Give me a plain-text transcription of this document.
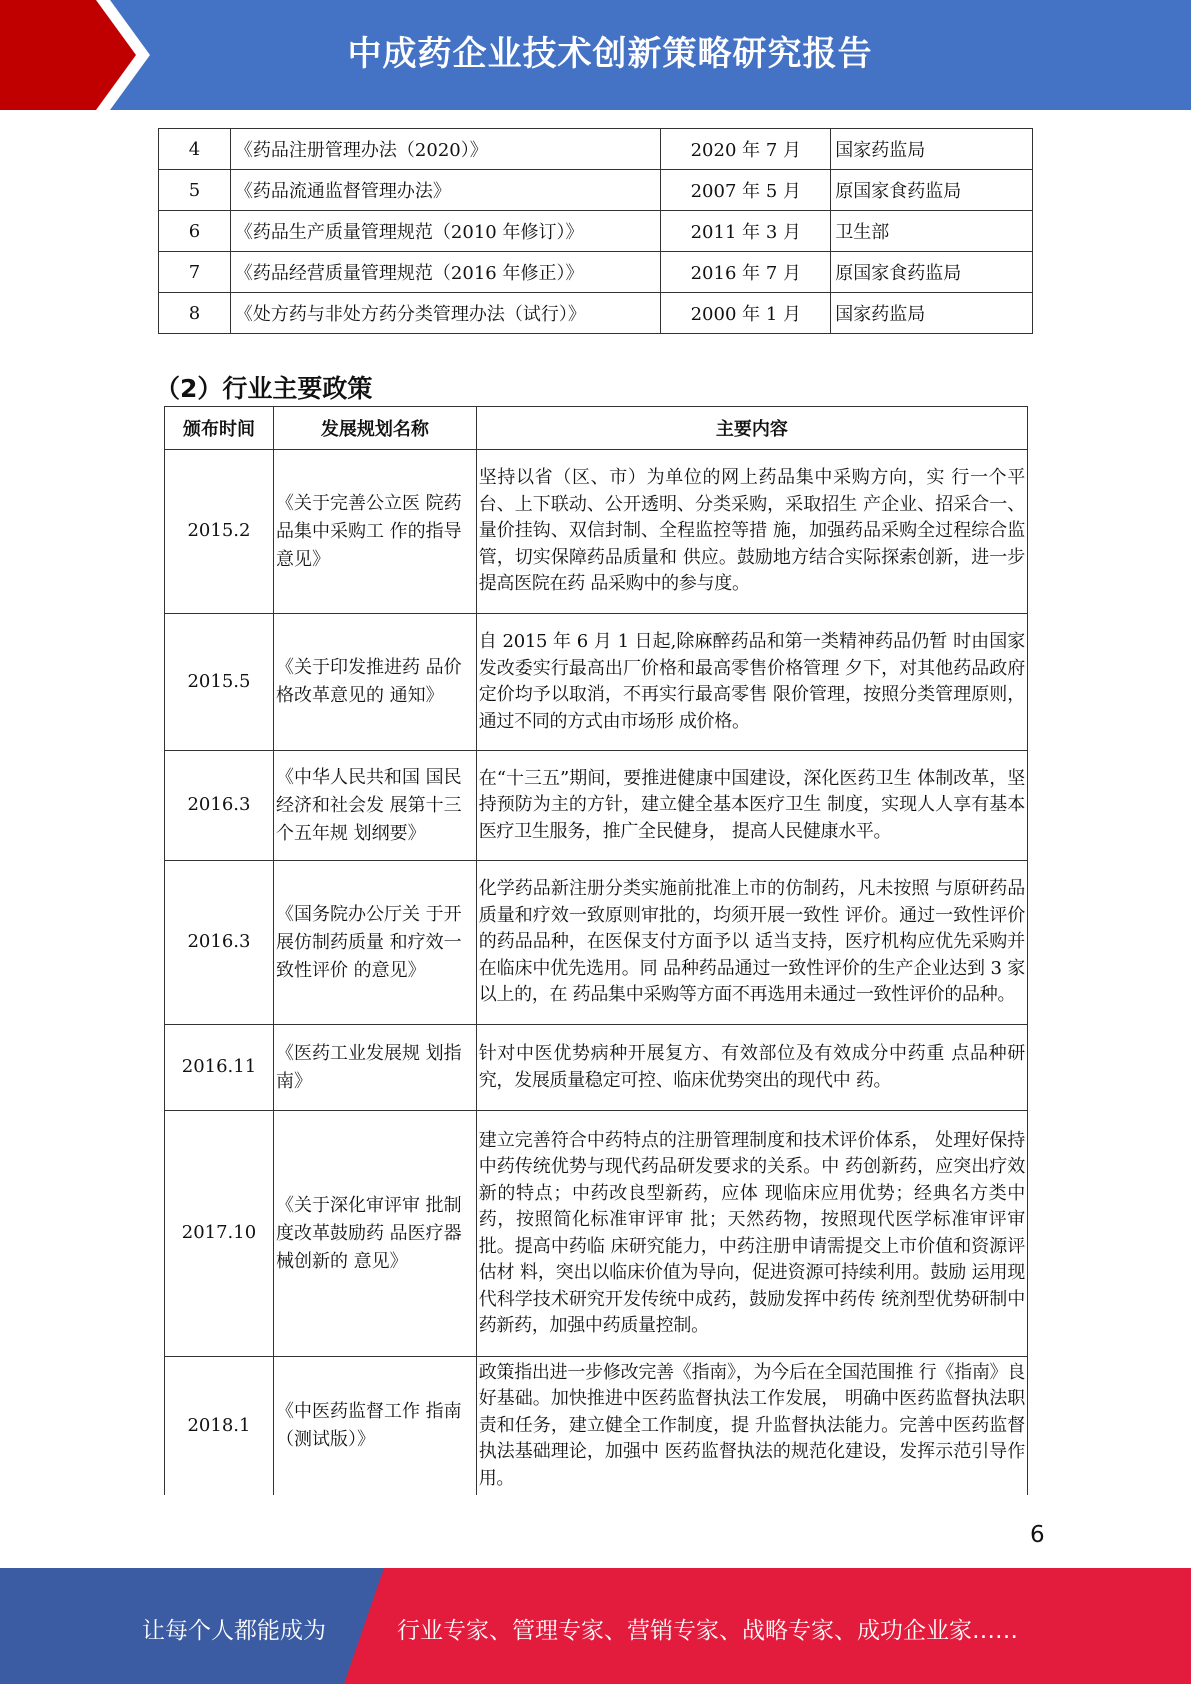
中成药企业技术创新策略研究报告
4	《药品注册管理办法（2020）》	2020 年 7 月	国家药监局
5	《药品流通监督管理办法》	2007 年 5 月	原国家食药监局
6	《药品生产质量管理规范（2010 年修订）》	2011 年 3 月	卫生部
7	《药品经营质量管理规范（2016 年修正）》	2016 年 7 月	原国家食药监局
8	《处方药与非处方药分类管理办法（试行）》	2000 年 1 月	国家药监局
（2）行业主要政策
颁布时间	发展规划名称	主要内容
2015.2	《关于完善公立医 院药品集中采购工 作的指导意见》	坚持以省（区、市）为单位的网上药品集中采购方向，实 行一个平台、上下联动、公开透明、分类采购，采取招生 产企业、招采合一、量价挂钩、双信封制、全程监控等措 施，加强药品采购全过程综合监管，切实保障药品质量和 供应。鼓励地方结合实际探索创新，进一步提高医院在药 品采购中的参与度。
2015.5	《关于印发推进药 品价格改革意见的 通知》	自 2015 年 6 月 1 日起,除麻醉药品和第一类精神药品仍暂 时由国家发改委实行最高出厂价格和最高零售价格管理 夕下，对其他药品政府定价均予以取消，不再实行最高零售 限价管理，按照分类管理原则，通过不同的方式由市场形 成价格。
2016.3	《中华人民共和国 国民经济和社会发 展第十三个五年规 划纲要》	在“十三五”期间，要推进健康中国建设，深化医药卫生 体制改革，坚持预防为主的方针，建立健全基本医疗卫生 制度，实现人人享有基本医疗卫生服务，推广全民健身， 提高人民健康水平。
2016.3	《国务院办公厅关 于开展仿制药质量 和疗效一致性评价 的意见》	化学药品新注册分类实施前批准上市的仿制药，凡未按照 与原研药品质量和疗效一致原则审批的，均须开展一致性 评价。通过一致性评价的药品品种，在医保支付方面予以 适当支持，医疗机构应优先采购并在临床中优先选用。同 品种药品通过一致性评价的生产企业达到 3 家以上的，在 药品集中采购等方面不再选用未通过一致性评价的品种。
2016.11	《医药工业发展规 划指南》	针对中医优势病种开展复方、有效部位及有效成分中药重 点品种研究，发展质量稳定可控、临床优势突出的现代中 药。
2017.10	《关于深化审评审 批制度改革鼓励药 品医疗器械创新的 意见》	建立完善符合中药特点的注册管理制度和技术评价体系， 处理好保持中药传统优势与现代药品研发要求的关系。中 药创新药，应突出疗效新的特点；中药改良型新药，应体 现临床应用优势；经典名方类中药，按照简化标准审评审 批；天然药物，按照现代医学标准审评审批。提高中药临 床研究能力，中药注册申请需提交上市价值和资源评估材 料，突出以临床价值为导向，促进资源可持续利用。鼓励 运用现代科学技术研究开发传统中成药，鼓励发挥中药传 统剂型优势研制中药新药，加强中药质量控制。
2018.1	《中医药监督工作 指南（测试版）》	政策指出进一步修改完善《指南》，为今后在全国范围推 行《指南》良好基础。加快推进中医药监督执法工作发展， 明确中医药监督执法职责和任务，建立健全工作制度，提 升监督执法能力。完善中医药监督执法基础理论，加强中 医药监督执法的规范化建设，发挥示范引导作用。
6
让每个人都能成为	行业专家、管理专家、营销专家、战略专家、成功企业家……
